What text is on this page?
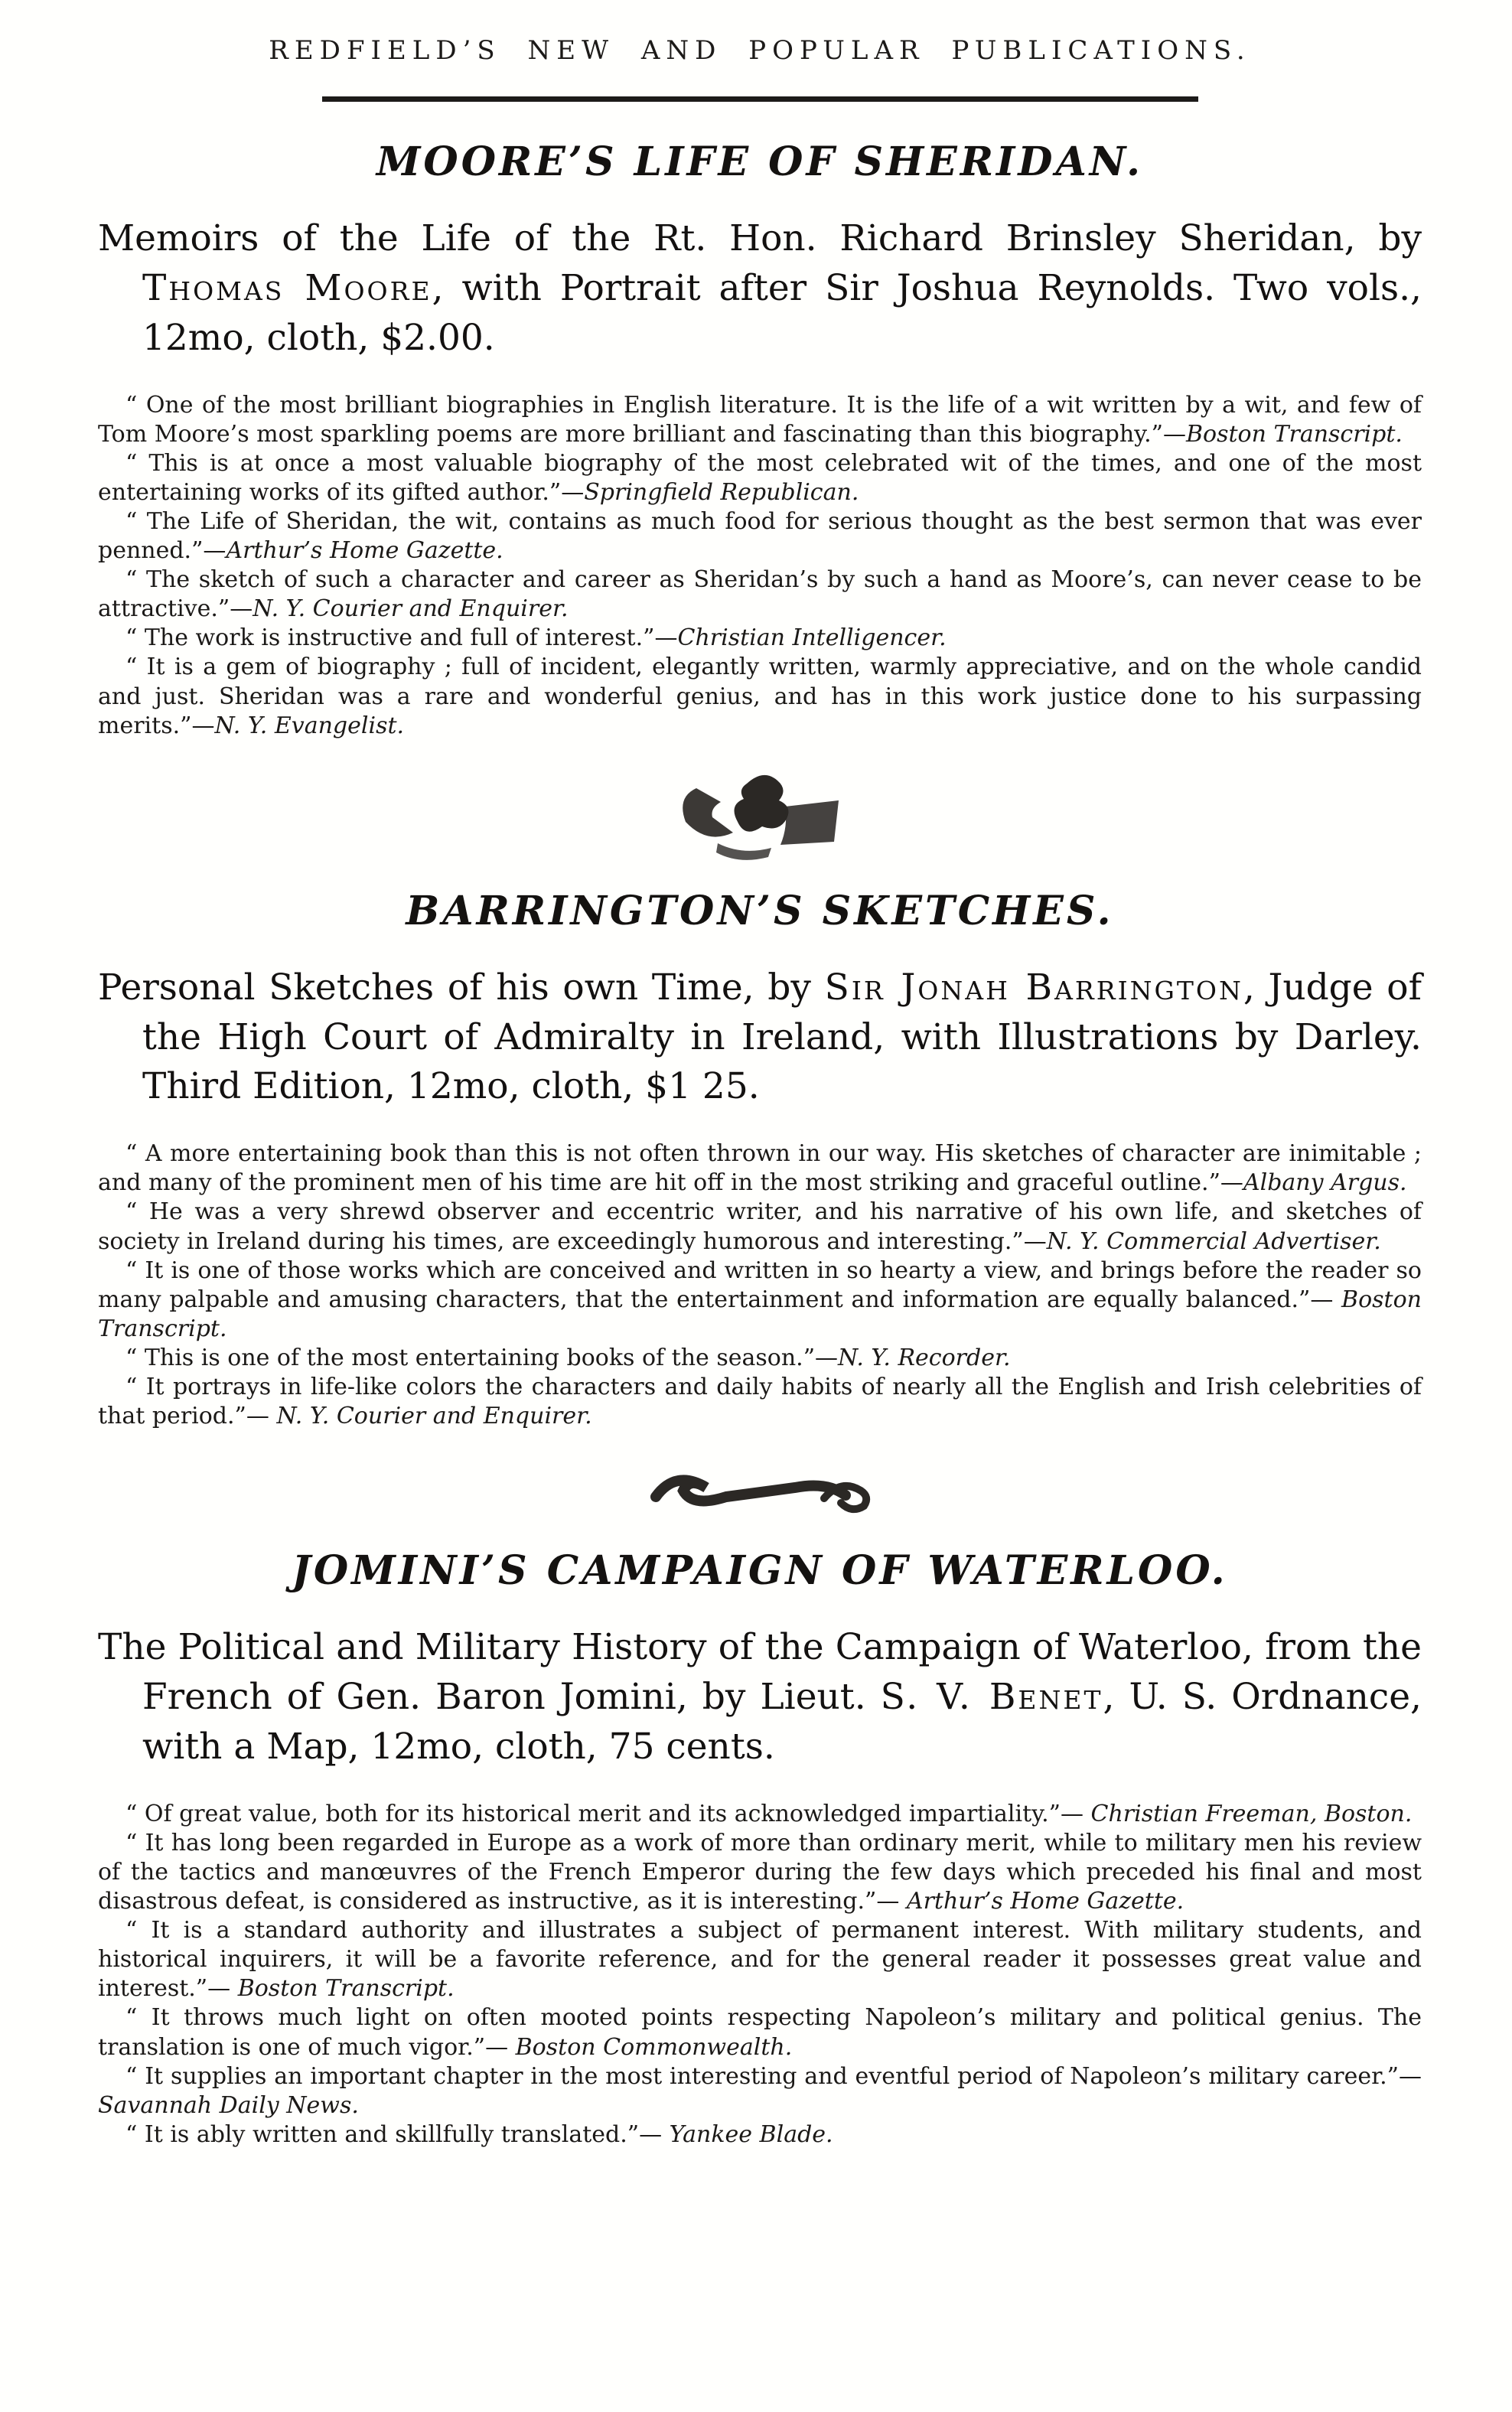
REDFIELD’S NEW AND POPULAR PUBLICATIONS.
MOORE’S LIFE OF SHERIDAN.

Memoirs of the Life of the Rt. Hon. Richard Brinsley Sheridan, by Thomas Moore, with Portrait after Sir Joshua Reynolds. Two vols., 12mo, cloth, $2.00.

“ One of the most brilliant biographies in English literature. It is the life of a wit written by a wit, and few of Tom Moore’s most sparkling poems are more brilliant and fascinating than this biography.”—Boston Transcript.

“ This is at once a most valuable biography of the most celebrated wit of the times, and one of the most entertaining works of its gifted author.”—Springfield Republican.

“ The Life of Sheridan, the wit, contains as much food for serious thought as the best sermon that was ever penned.”—Arthur’s Home Gazette.

“ The sketch of such a character and career as Sheridan’s by such a hand as Moore’s, can never cease to be attractive.”—N. Y. Courier and Enquirer.

“ The work is instructive and full of interest.”—Christian Intelligencer.

“ It is a gem of biography ; full of incident, elegantly written, warmly appreciative, and on the whole candid and just. Sheridan was a rare and wonderful genius, and has in this work justice done to his surpassing merits.”—N. Y. Evangelist.

BARRINGTON’S SKETCHES.

Personal Sketches of his own Time, by Sir Jonah Barrington, Judge of the High Court of Admiralty in Ireland, with Illustrations by Darley. Third Edition, 12mo, cloth, $1 25.

“ A more entertaining book than this is not often thrown in our way. His sketches of character are inimitable ; and many of the prominent men of his time are hit off in the most striking and graceful outline.”—Albany Argus.

“ He was a very shrewd observer and eccentric writer, and his narrative of his own life, and sketches of society in Ireland during his times, are exceedingly humorous and interesting.”—N. Y. Commercial Advertiser.

“ It is one of those works which are conceived and written in so hearty a view, and brings before the reader so many palpable and amusing characters, that the entertainment and information are equally balanced.”— Boston Transcript.

“ This is one of the most entertaining books of the season.”—N. Y. Recorder.

“ It portrays in life-like colors the characters and daily habits of nearly all the English and Irish celebrities of that period.”— N. Y. Courier and Enquirer.

JOMINI’S CAMPAIGN OF WATERLOO.

The Political and Military History of the Campaign of Waterloo, from the French of Gen. Baron Jomini, by Lieut. S. V. Benet, U. S. Ordnance, with a Map, 12mo, cloth, 75 cents.

“ Of great value, both for its historical merit and its acknowledged impartiality.”— Christian Freeman, Boston.

“ It has long been regarded in Europe as a work of more than ordinary merit, while to military men his review of the tactics and manœuvres of the French Emperor during the few days which preceded his final and most disastrous defeat, is considered as instructive, as it is interesting.”— Arthur’s Home Gazette.

“ It is a standard authority and illustrates a subject of permanent interest. With military students, and historical inquirers, it will be a favorite reference, and for the general reader it possesses great value and interest.”— Boston Transcript.

“ It throws much light on often mooted points respecting Napoleon’s military and political genius. The translation is one of much vigor.”— Boston Commonwealth.

“ It supplies an important chapter in the most interesting and eventful period of Napoleon’s military career.”—Savannah Daily News.

“ It is ably written and skillfully translated.”— Yankee Blade.
